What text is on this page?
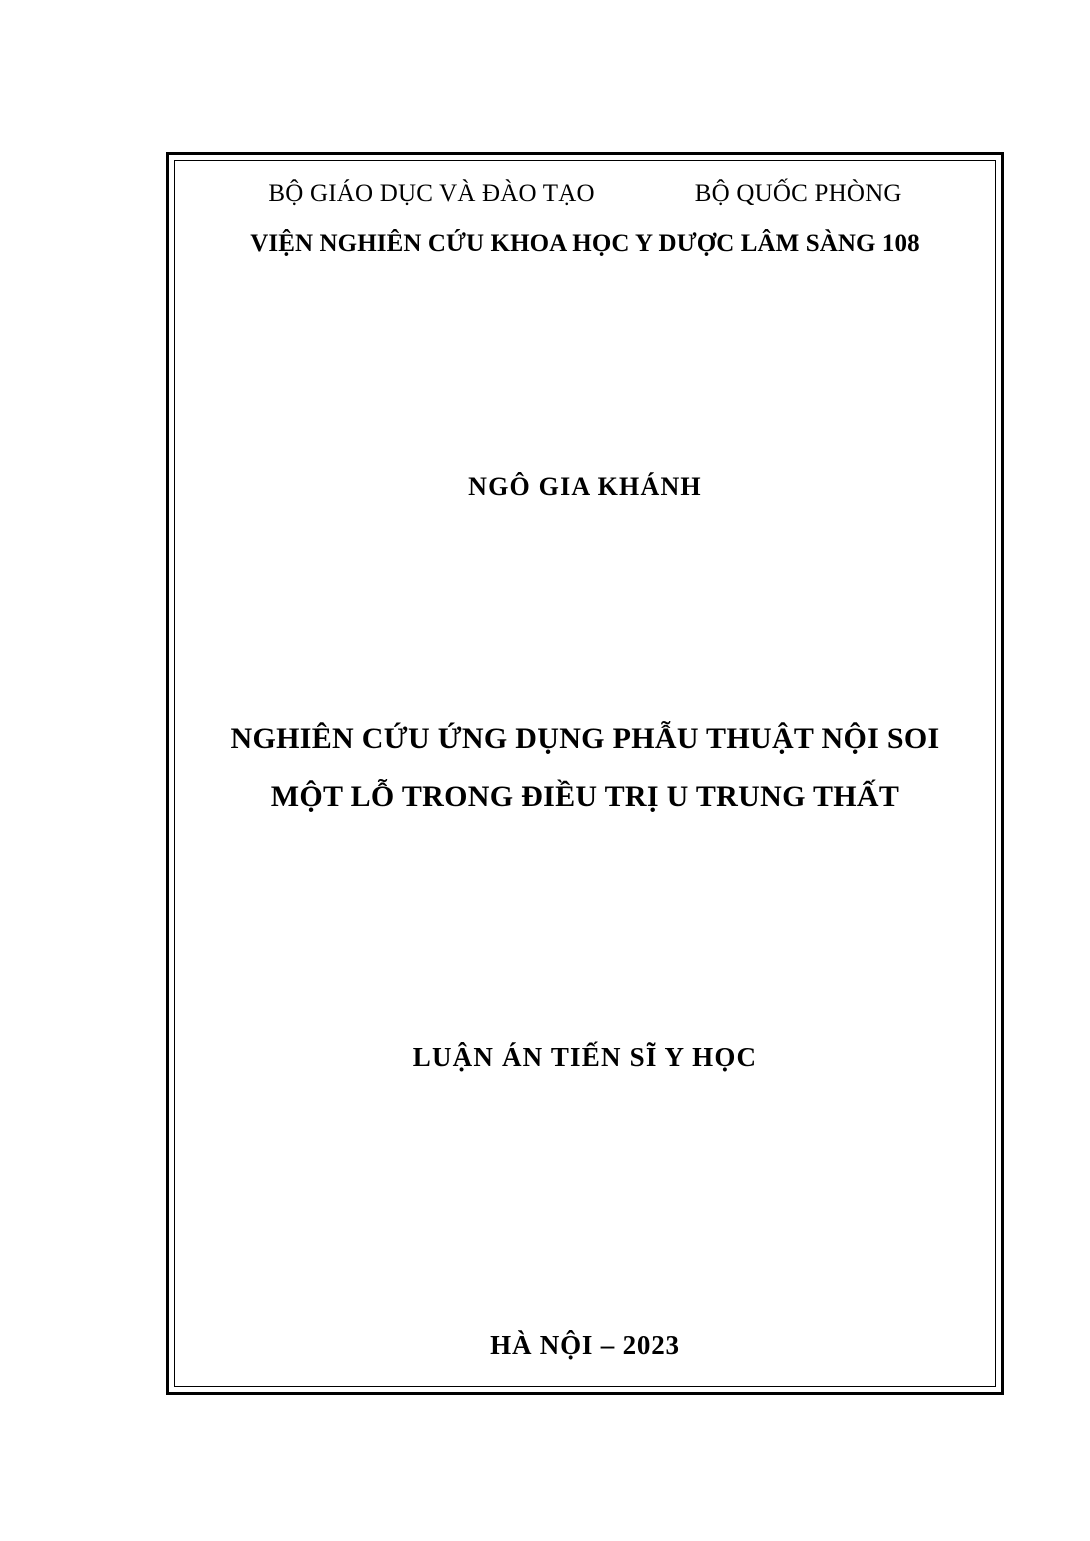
BỘ GIÁO DỤC VÀ ĐÀO TẠO	BỘ QUỐC PHÒNG
VIỆN NGHIÊN CỨU KHOA HỌC Y DƯỢC LÂM SÀNG 108
NGÔ GIA KHÁNH
NGHIÊN CỨU ỨNG DỤNG PHẪU THUẬT NỘI SOI
MỘT LỖ TRONG ĐIỀU TRỊ U TRUNG THẤT
LUẬN ÁN TIẾN SĨ Y HỌC
HÀ NỘI – 2023
